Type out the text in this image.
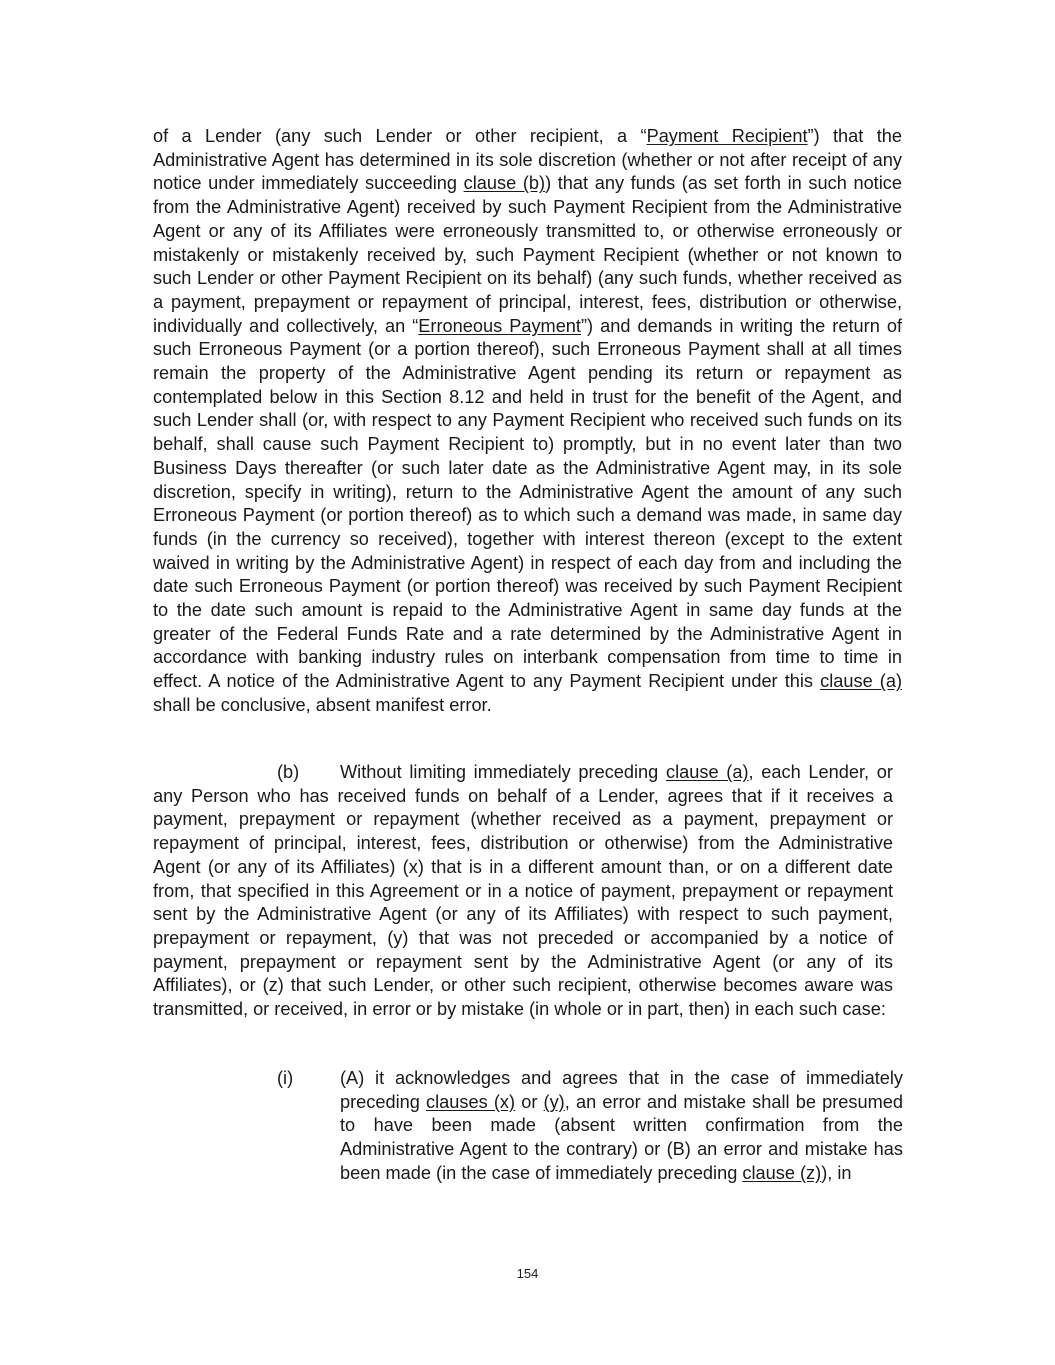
of a Lender (any such Lender or other recipient, a “Payment Recipient”) that the Administrative Agent has determined in its sole discretion (whether or not after receipt of any notice under immediately succeeding clause (b)) that any funds (as set forth in such notice from the Administrative Agent) received by such Payment Recipient from the Administrative Agent or any of its Affiliates were erroneously transmitted to, or otherwise erroneously or mistakenly or mistakenly received by, such Payment Recipient (whether or not known to such Lender or other Payment Recipient on its behalf) (any such funds, whether received as a payment, prepayment or repayment of principal, interest, fees, distribution or otherwise, individually and collectively, an “Erroneous Payment”) and demands in writing the return of such Erroneous Payment (or a portion thereof), such Erroneous Payment shall at all times remain the property of the Administrative Agent pending its return or repayment as contemplated below in this Section 8.12 and held in trust for the benefit of the Agent, and such Lender shall (or, with respect to any Payment Recipient who received such funds on its behalf, shall cause such Payment Recipient to) promptly, but in no event later than two Business Days thereafter (or such later date as the Administrative Agent may, in its sole discretion, specify in writing), return to the Administrative Agent the amount of any such Erroneous Payment (or portion thereof) as to which such a demand was made, in same day funds (in the currency so received), together with interest thereon (except to the extent waived in writing by the Administrative Agent) in respect of each day from and including the date such Erroneous Payment (or portion thereof) was received by such Payment Recipient to the date such amount is repaid to the Administrative Agent in same day funds at the greater of the Federal Funds Rate and a rate determined by the Administrative Agent in accordance with banking industry rules on interbank compensation from time to time in effect. A notice of the Administrative Agent to any Payment Recipient under this clause (a) shall be conclusive, absent manifest error.

(b) Without limiting immediately preceding clause (a), each Lender, or any Person who has received funds on behalf of a Lender, agrees that if it receives a payment, prepayment or repayment (whether received as a payment, prepayment or repayment of principal, interest, fees, distribution or otherwise) from the Administrative Agent (or any of its Affiliates) (x) that is in a different amount than, or on a different date from, that specified in this Agreement or in a notice of payment, prepayment or repayment sent by the Administrative Agent (or any of its Affiliates) with respect to such payment, prepayment or repayment, (y) that was not preceded or accompanied by a notice of payment, prepayment or repayment sent by the Administrative Agent (or any of its Affiliates), or (z) that such Lender, or other such recipient, otherwise becomes aware was transmitted, or received, in error or by mistake (in whole or in part, then) in each such case:

(i)	(A) it acknowledges and agrees that in the case of immediately preceding clauses (x) or (y), an error and mistake shall be presumed to have been made (absent written confirmation from the Administrative Agent to the contrary) or (B) an error and mistake has been made (in the case of immediately preceding clause (z)), in

154
